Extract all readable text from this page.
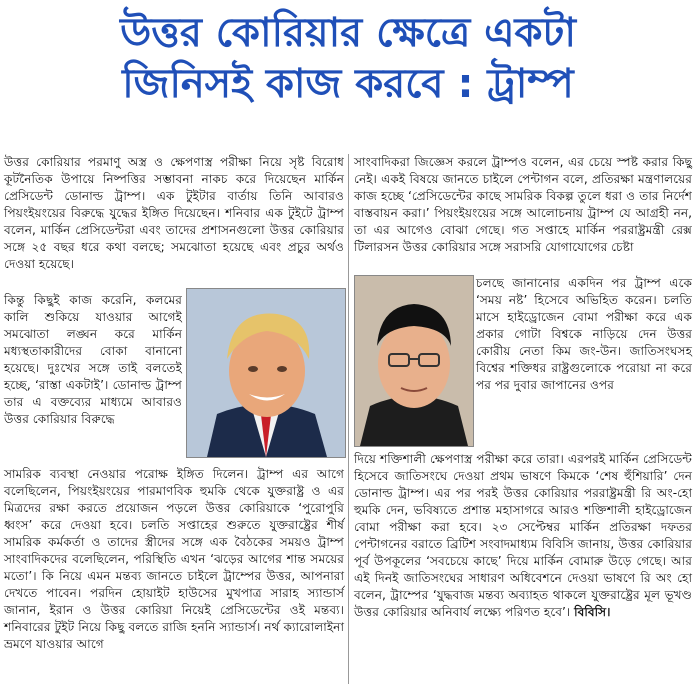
উত্তর কোরিয়ার ক্ষেত্রে একটা
জিনিসই কাজ করবে : ট্রাম্প

উত্তর কোরিয়ার পরমাণু অস্ত্র ও ক্ষেপণাস্ত্র পরীক্ষা নিয়ে সৃষ্ট বিরোধ কূটনৈতিক উপায়ে নিষ্পত্তির সম্ভাবনা নাকচ করে দিয়েছেন মার্কিন প্রেসিডেন্ট ডোনাল্ড ট্রাম্প। এক টুইটার বার্তায় তিনি আবারও পিয়ংইয়ংয়ের বিরুদ্ধে যুদ্ধের ইঙ্গিত দিয়েছেন। শনিবার এক টুইটে ট্রাম্প বলেন, মার্কিন প্রেসিডেন্টরা এবং তাদের প্রশাসনগুলো উত্তর কোরিয়ার সঙ্গে ২৫ বছর ধরে কথা বলছে; সমঝোতা হয়েছে এবং প্রচুর অর্থও দেওয়া হয়েছে।

কিন্তু কিছুই কাজ করেনি, কলমের কালি শুকিয়ে যাওয়ার আগেই সমঝোতা লঙ্ঘন করে মার্কিন মধ্যস্থতাকারীদের বোকা বানানো হয়েছে। দুঃখের সঙ্গে তাই বলতেই হচ্ছে, ‘রাস্তা একটাই’। ডোনাল্ড ট্রাম্প তার এ বক্তব্যের মাধ্যমে আবারও উত্তর কোরিয়ার বিরুদ্ধে

সামরিক ব্যবস্থা নেওয়ার পরোক্ষ ইঙ্গিত দিলেন। ট্রাম্প এর আগে বলেছিলেন, পিয়ংইয়ংয়ের পারমাণবিক হুমকি থেকে যুক্তরাষ্ট্র ও এর মিত্রদের রক্ষা করতে প্রয়োজন পড়লে উত্তর কোরিয়াকে ‘পুরোপুরি ধ্বংস’ করে দেওয়া হবে। চলতি সপ্তাহের শুরুতে যুক্তরাষ্ট্রের শীর্ষ সামরিক কর্মকর্তা ও তাদের স্ত্রীদের সঙ্গে এক বৈঠকের সময়ও ট্রাম্প সাংবাদিকদের বলেছিলেন, পরিস্থিতি এখন ‘ঝড়ের আগের শান্ত সময়ের মতো’। কি নিয়ে এমন মন্তব্য জানতে চাইলে ট্রাম্পের উত্তর, আপনারা দেখতে পাবেন। পরদিন হোয়াইট হাউসের মুখপাত্র সারাহ স্যান্ডার্স জানান, ইরান ও উত্তর কোরিয়া নিয়েই প্রেসিডেন্টের ওই মন্তব্য। শনিবারের টুইট নিয়ে কিছু বলতে রাজি হননি স্যান্ডার্স। নর্থ ক্যারোলাইনা ভ্রমণে যাওয়ার আগে

সাংবাদিকরা জিজ্ঞেস করলে ট্রাম্পও বলেন, এর চেয়ে স্পষ্ট করার কিছু নেই। একই বিষয়ে জানতে চাইলে পেন্টাগন বলে, প্রতিরক্ষা মন্ত্রণালয়ের কাজ হচ্ছে ‘প্রেসিডেন্টের কাছে সামরিক বিকল্প তুলে ধরা ও তার নির্দেশ বাস্তবায়ন করা।’ পিয়ংইয়ংয়ের সঙ্গে আলোচনায় ট্রাম্প যে আগ্রহী নন, তা এর আগেও বোঝা গেছে। গত সপ্তাহে মার্কিন পররাষ্ট্রমন্ত্রী রেক্স টিলারসন উত্তর কোরিয়ার সঙ্গে সরাসরি যোগাযোগের চেষ্টা

চলছে জানানোর একদিন পর ট্রাম্প একে ‘সময় নষ্ট’ হিসেবে অভিহিত করেন। চলতি মাসে হাইড্রোজেন বোমা পরীক্ষা করে এক প্রকার গোটা বিশ্বকে নাড়িয়ে দেন উত্তর কোরীয় নেতা কিম জং-উন। জাতিসংঘসহ বিশ্বের শক্তিধর রাষ্ট্রগুলোকে পরোয়া না করে পর পর দুবার জাপানের ওপর

দিয়ে শক্তিশালী ক্ষেপণাস্ত্র পরীক্ষা করে তারা। এরপরই মার্কিন প্রেসিডেন্ট হিসেবে জাতিসংঘে দেওয়া প্রথম ভাষণে কিমকে ‘শেষ হুঁশিয়ারি’ দেন ডোনাল্ড ট্রাম্প। এর পর পরই উত্তর কোরিয়ার পররাষ্ট্রমন্ত্রী রি অং-হো হুমকি দেন, ভবিষ্যতে প্রশান্ত মহাসাগরে আরও শক্তিশালী হাইড্রোজেন বোমা পরীক্ষা করা হবে। ২৩ সেপ্টেম্বর মার্কিন প্রতিরক্ষা দফতর পেন্টাগনের বরাতে ব্রিটিশ সংবাদমাধ্যম বিবিসি জানায়, উত্তর কোরিয়ার পূর্ব উপকূলের ‘সবচেয়ে কাছে’ দিয়ে মার্কিন বোমারু উড়ে গেছে। আর এই দিনই জাতিসংঘের সাধারণ অধিবেশনে দেওয়া ভাষণে রি অং হো বলেন, ট্রাম্পের ‘যুদ্ধবাজ মন্তব্য অব্যাহত থাকলে যুক্তরাষ্ট্রের মূল ভূখণ্ড উত্তর কোরিয়ার অনিবার্য লক্ষ্যে পরিণত হবে’। বিবিসি।
